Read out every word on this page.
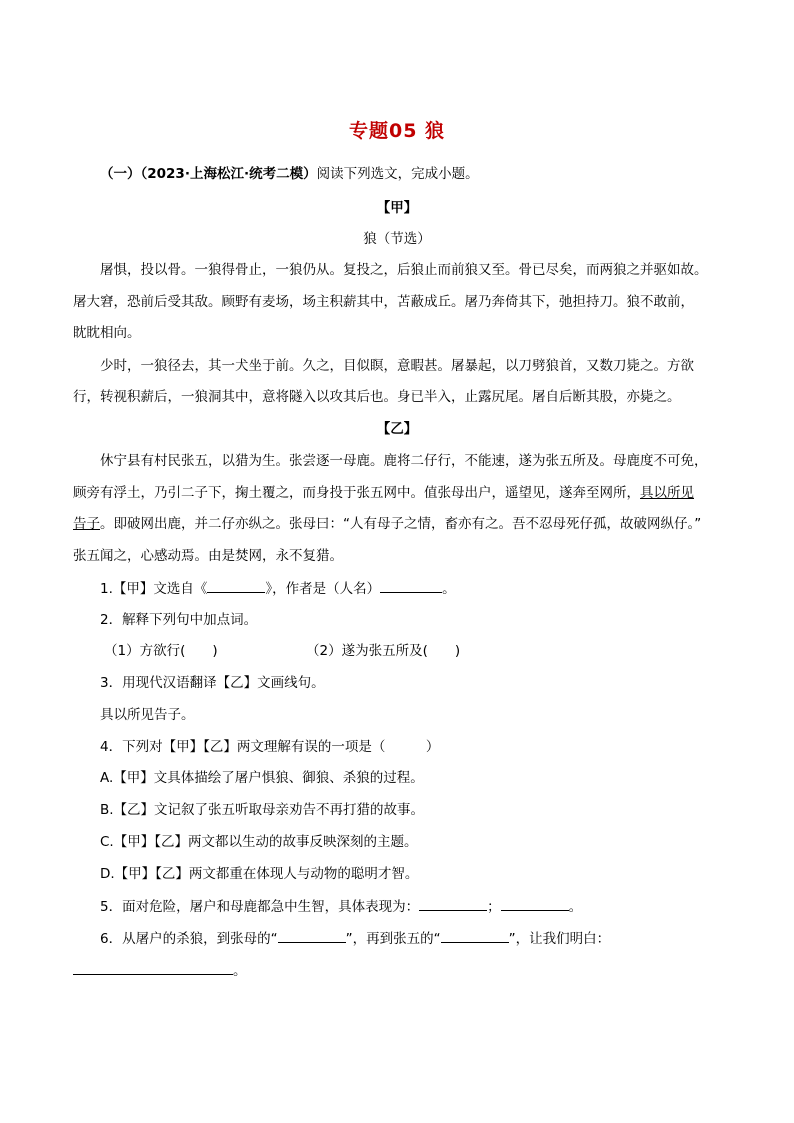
专题05 狼
（一）（2023·上海松江·统考二模）阅读下列选文，完成小题。
【甲】
狼（节选）
屠惧，投以骨。一狼得骨止，一狼仍从。复投之，后狼止而前狼又至。骨已尽矣，而两狼之并驱如故。
屠大窘，恐前后受其敌。顾野有麦场，场主积薪其中，苫蔽成丘。屠乃奔倚其下，弛担持刀。狼不敢前，
眈眈相向。
少时，一狼径去，其一犬坐于前。久之，目似瞑，意暇甚。屠暴起，以刀劈狼首，又数刀毙之。方欲
行，转视积薪后，一狼洞其中，意将隧入以攻其后也。身已半入，止露尻尾。屠自后断其股，亦毙之。
【乙】
休宁县有村民张五，以猎为生。张尝逐一母鹿。鹿将二仔行，不能速，遂为张五所及。母鹿度不可免，
顾旁有浮土，乃引二子下，掬土覆之，而身投于张五网中。值张母出户，遥望见，遂奔至网所，具以所见
告子。即破网出鹿，并二仔亦纵之。张母曰：“人有母子之情，畜亦有之。吾不忍母死仔孤，故破网纵仔。”
张五闻之，心感动焉。由是焚网，永不复猎。
1.【甲】文选自《	》，作者是（人名）	。
2．解释下列句中加点词。
（1）方欲行(　　)	（2）遂为张五所及(　　)
3．用现代汉语翻译【乙】文画线句。
具以所见告子。
4．下列对【甲】【乙】两文理解有误的一项是（　　　）
A.【甲】文具体描绘了屠户惧狼、御狼、杀狼的过程。
B.【乙】文记叙了张五听取母亲劝告不再打猎的故事。
C.【甲】【乙】两文都以生动的故事反映深刻的主题。
D.【甲】【乙】两文都重在体现人与动物的聪明才智。
5．面对危险，屠户和母鹿都急中生智，具体表现为：	；	。
6．从屠户的杀狼，到张母的“	”，再到张五的“	”，让我们明白：
。
